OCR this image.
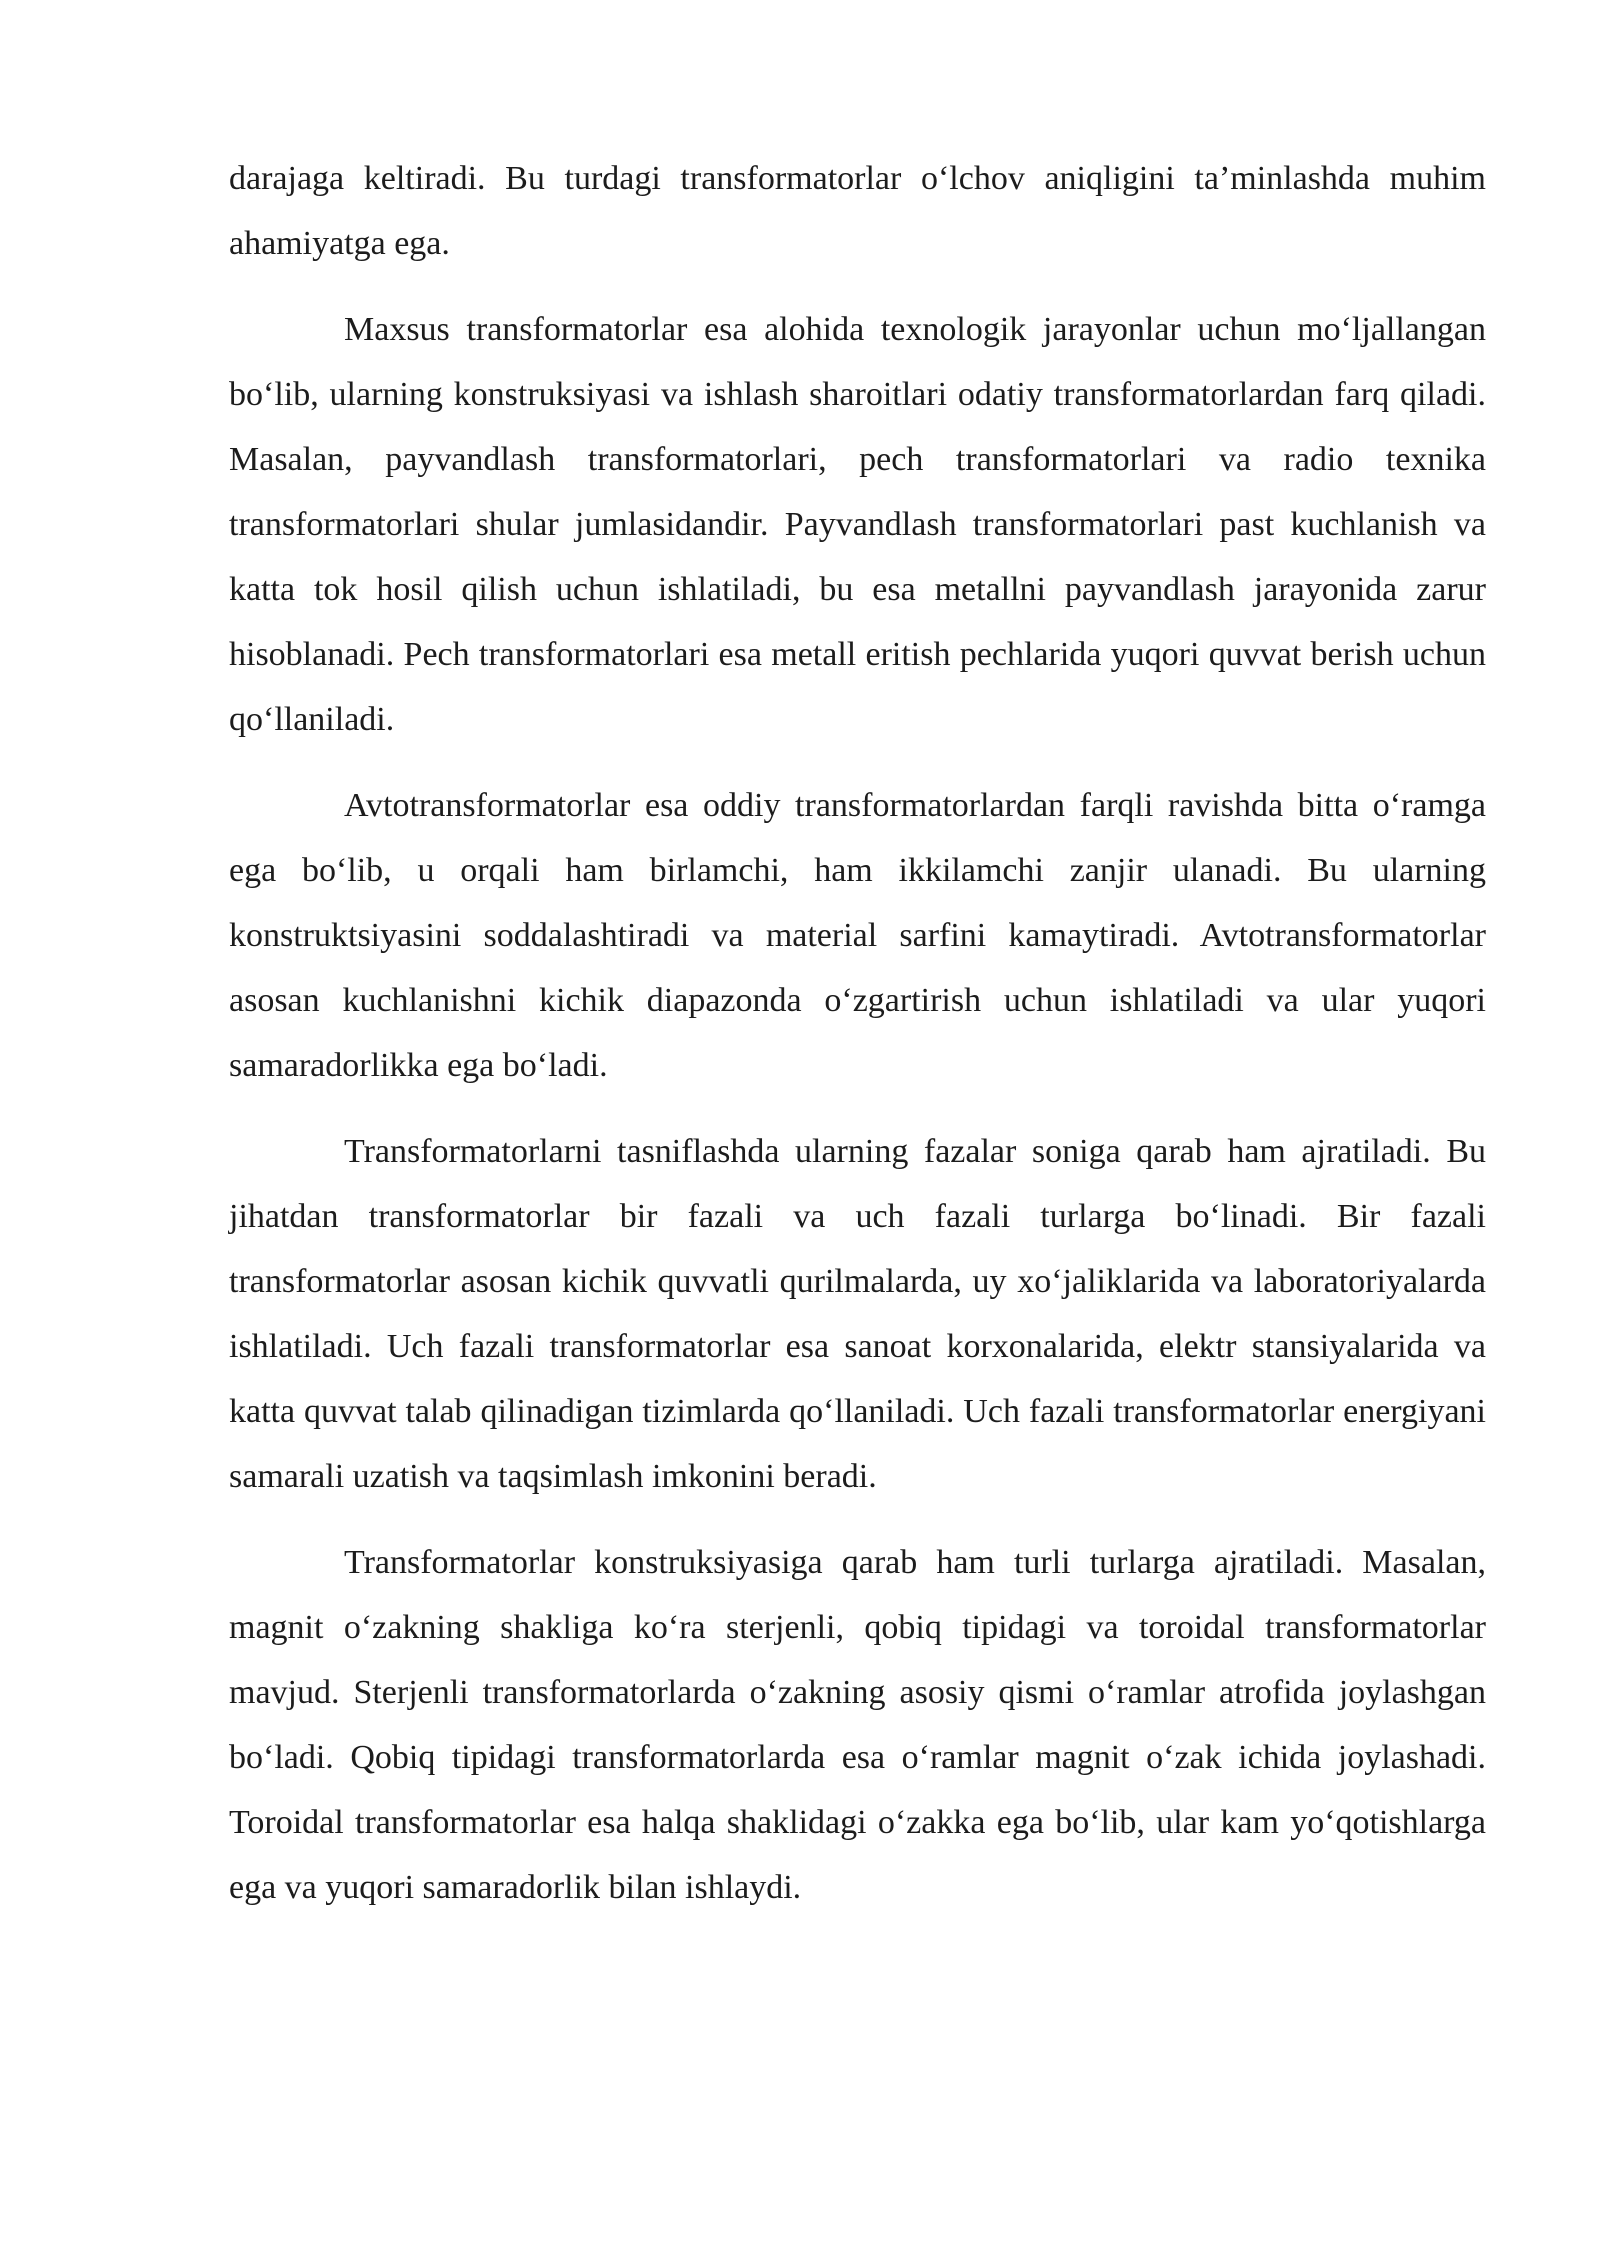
darajaga keltiradi. Bu turdagi transformatorlar o‘lchov aniqligini ta’minlashda muhim ahamiyatga ega.

Maxsus transformatorlar esa alohida texnologik jarayonlar uchun mo‘ljallangan bo‘lib, ularning konstruksiyasi va ishlash sharoitlari odatiy transformatorlardan farq qiladi. Masalan, payvandlash transformatorlari, pech transformatorlari va radio texnika transformatorlari shular jumlasidandir. Payvandlash transformatorlari past kuchlanish va katta tok hosil qilish uchun ishlatiladi, bu esa metallni payvandlash jarayonida zarur hisoblanadi. Pech transformatorlari esa metall eritish pechlarida yuqori quvvat berish uchun qo‘llaniladi.

Avtotransformatorlar esa oddiy transformatorlardan farqli ravishda bitta o‘ramga ega bo‘lib, u orqali ham birlamchi, ham ikkilamchi zanjir ulanadi. Bu ularning konstruktsiyasini soddalashtiradi va material sarfini kamaytiradi. Avtotransformatorlar asosan kuchlanishni kichik diapazonda o‘zgartirish uchun ishlatiladi va ular yuqori samaradorlikka ega bo‘ladi.

Transformatorlarni tasniflashda ularning fazalar soniga qarab ham ajratiladi. Bu jihatdan transformatorlar bir fazali va uch fazali turlarga bo‘linadi. Bir fazali transformatorlar asosan kichik quvvatli qurilmalarda, uy xo‘jaliklarida va laboratoriyalarda ishlatiladi. Uch fazali transformatorlar esa sanoat korxonalarida, elektr stansiyalarida va katta quvvat talab qilinadigan tizimlarda qo‘llaniladi. Uch fazali transformatorlar energiyani samarali uzatish va taqsimlash imkonini beradi.

Transformatorlar konstruksiyasiga qarab ham turli turlarga ajratiladi. Masalan, magnit o‘zakning shakliga ko‘ra sterjenli, qobiq tipidagi va toroidal transformatorlar mavjud. Sterjenli transformatorlarda o‘zakning asosiy qismi o‘ramlar atrofida joylashgan bo‘ladi. Qobiq tipidagi transformatorlarda esa o‘ramlar magnit o‘zak ichida joylashadi. Toroidal transformatorlar esa halqa shaklidagi o‘zakka ega bo‘lib, ular kam yo‘qotishlarga ega va yuqori samaradorlik bilan ishlaydi.
